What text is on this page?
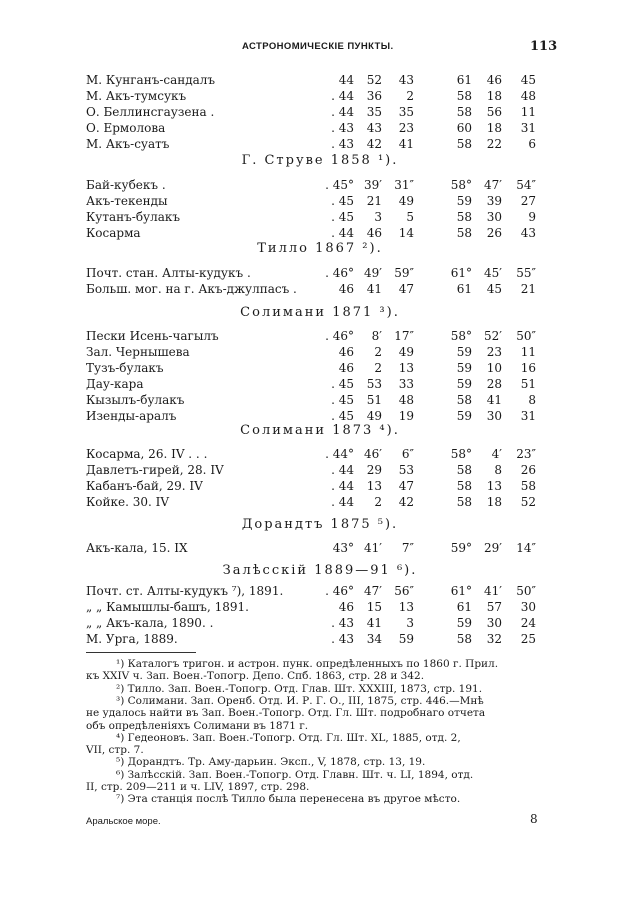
АСТРОНОМИЧЕСКІЕ ПУНКТЫ.	113
М. Кунганъ-сандалъ	44	52	43	61	46	45
М. Акъ-тумсукъ	. 44	36	2	58	18	48
О. Беллинсгаузена .	. 44	35	35	58	56	11
О. Ермолова	. 43	43	23	60	18	31
М. Акъ-суатъ	. 43	42	41	58	22	6
Г. Струве 1858 ¹).
Бай-кубекъ .	. 45° 39′	31″	58°	47′	54″
Акъ-текенды	. 45	21	49	59	39	27
Кутанъ-булакъ	. 45	3	5	58	30	9
Косарма	. 44	46	14	58	26	43
Тилло 1867 ²).
Почт. стан. Алты-кудукъ .	. 46° 49′	59″	61°	45′	55″
Больш. мог. на г. Акъ-джулпасъ .	46	41	47	61	45	21
Солимани 1871 ³).
Пески Исень-чагылъ	. 46°	8′	17″	58°	52′	50″
Зал. Чернышева	46	2	49	59	23	11
Тузъ-булакъ	46	2	13	59	10	16
Дау-кара	. 45	53	33	59	28	51
Кызылъ-булакъ	. 45	51	48	58	41	8
Изенды-аралъ	. 45	49	19	59	30	31
Солимани 1873 ⁴).
Косарма, 26. IV . . .	. 44° 46′	6″	58°	4′	23″
Давлетъ-гирей, 28. IV	. 44	29	53	58	8	26
Кабанъ-бай, 29. IV	. 44	13	47	58	13	58
Койке. 30. IV	. 44	2	42	58	18	52
Дорандтъ 1875 ⁵).
Акъ-кала, 15. IX	43° 41′	7″	59°	29′	14″
Залѣсскій 1889—91 ⁶).
Почт. ст. Алты-кудукъ ⁷), 1891.	. 46° 47′	56″	61°	41′	50″
„ „ Камышлы-башъ, 1891.	46	15	13	61	57	30
„ „ Акъ-кала, 1890. .	. 43	41	3	59	30	24
М. Урга, 1889.	. 43	34	59	58	32	25
¹) Каталогъ тригон. и астрон. пунк. опредѣленныхъ по 1860 г. Прил.
къ XXIV ч. Зап. Воен.-Топогр. Депо. Спб. 1863, стр. 28 и 342.
²) Тилло. Зап. Воен.-Топогр. Отд. Глав. Шт. XXXIII, 1873, стр. 191.
³) Солимани. Зап. Оренб. Отд. И. Р. Г. О., III, 1875, стр. 446.—Мнѣ
не удалось найти въ Зап. Воен.-Топогр. Отд. Гл. Шт. подробнаго отчета
объ опредѣленіяхъ Солимани въ 1871 г.
⁴) Гедеоновъ. Зап. Воен.-Топогр. Отд. Гл. Шт. XL, 1885, отд. 2,
VII, стр. 7.
⁵) Дорандтъ. Тр. Аму-дарьин. Эксп., V, 1878, стр. 13, 19.
⁶) Залѣсскій. Зап. Воен.-Топогр. Отд. Главн. Шт. ч. LI, 1894, отд.
II, стр. 209—211 и ч. LIV, 1897, стр. 298.
⁷) Эта станція послѣ Тилло была перенесена въ другое мѣсто.
Аральское море.	8
